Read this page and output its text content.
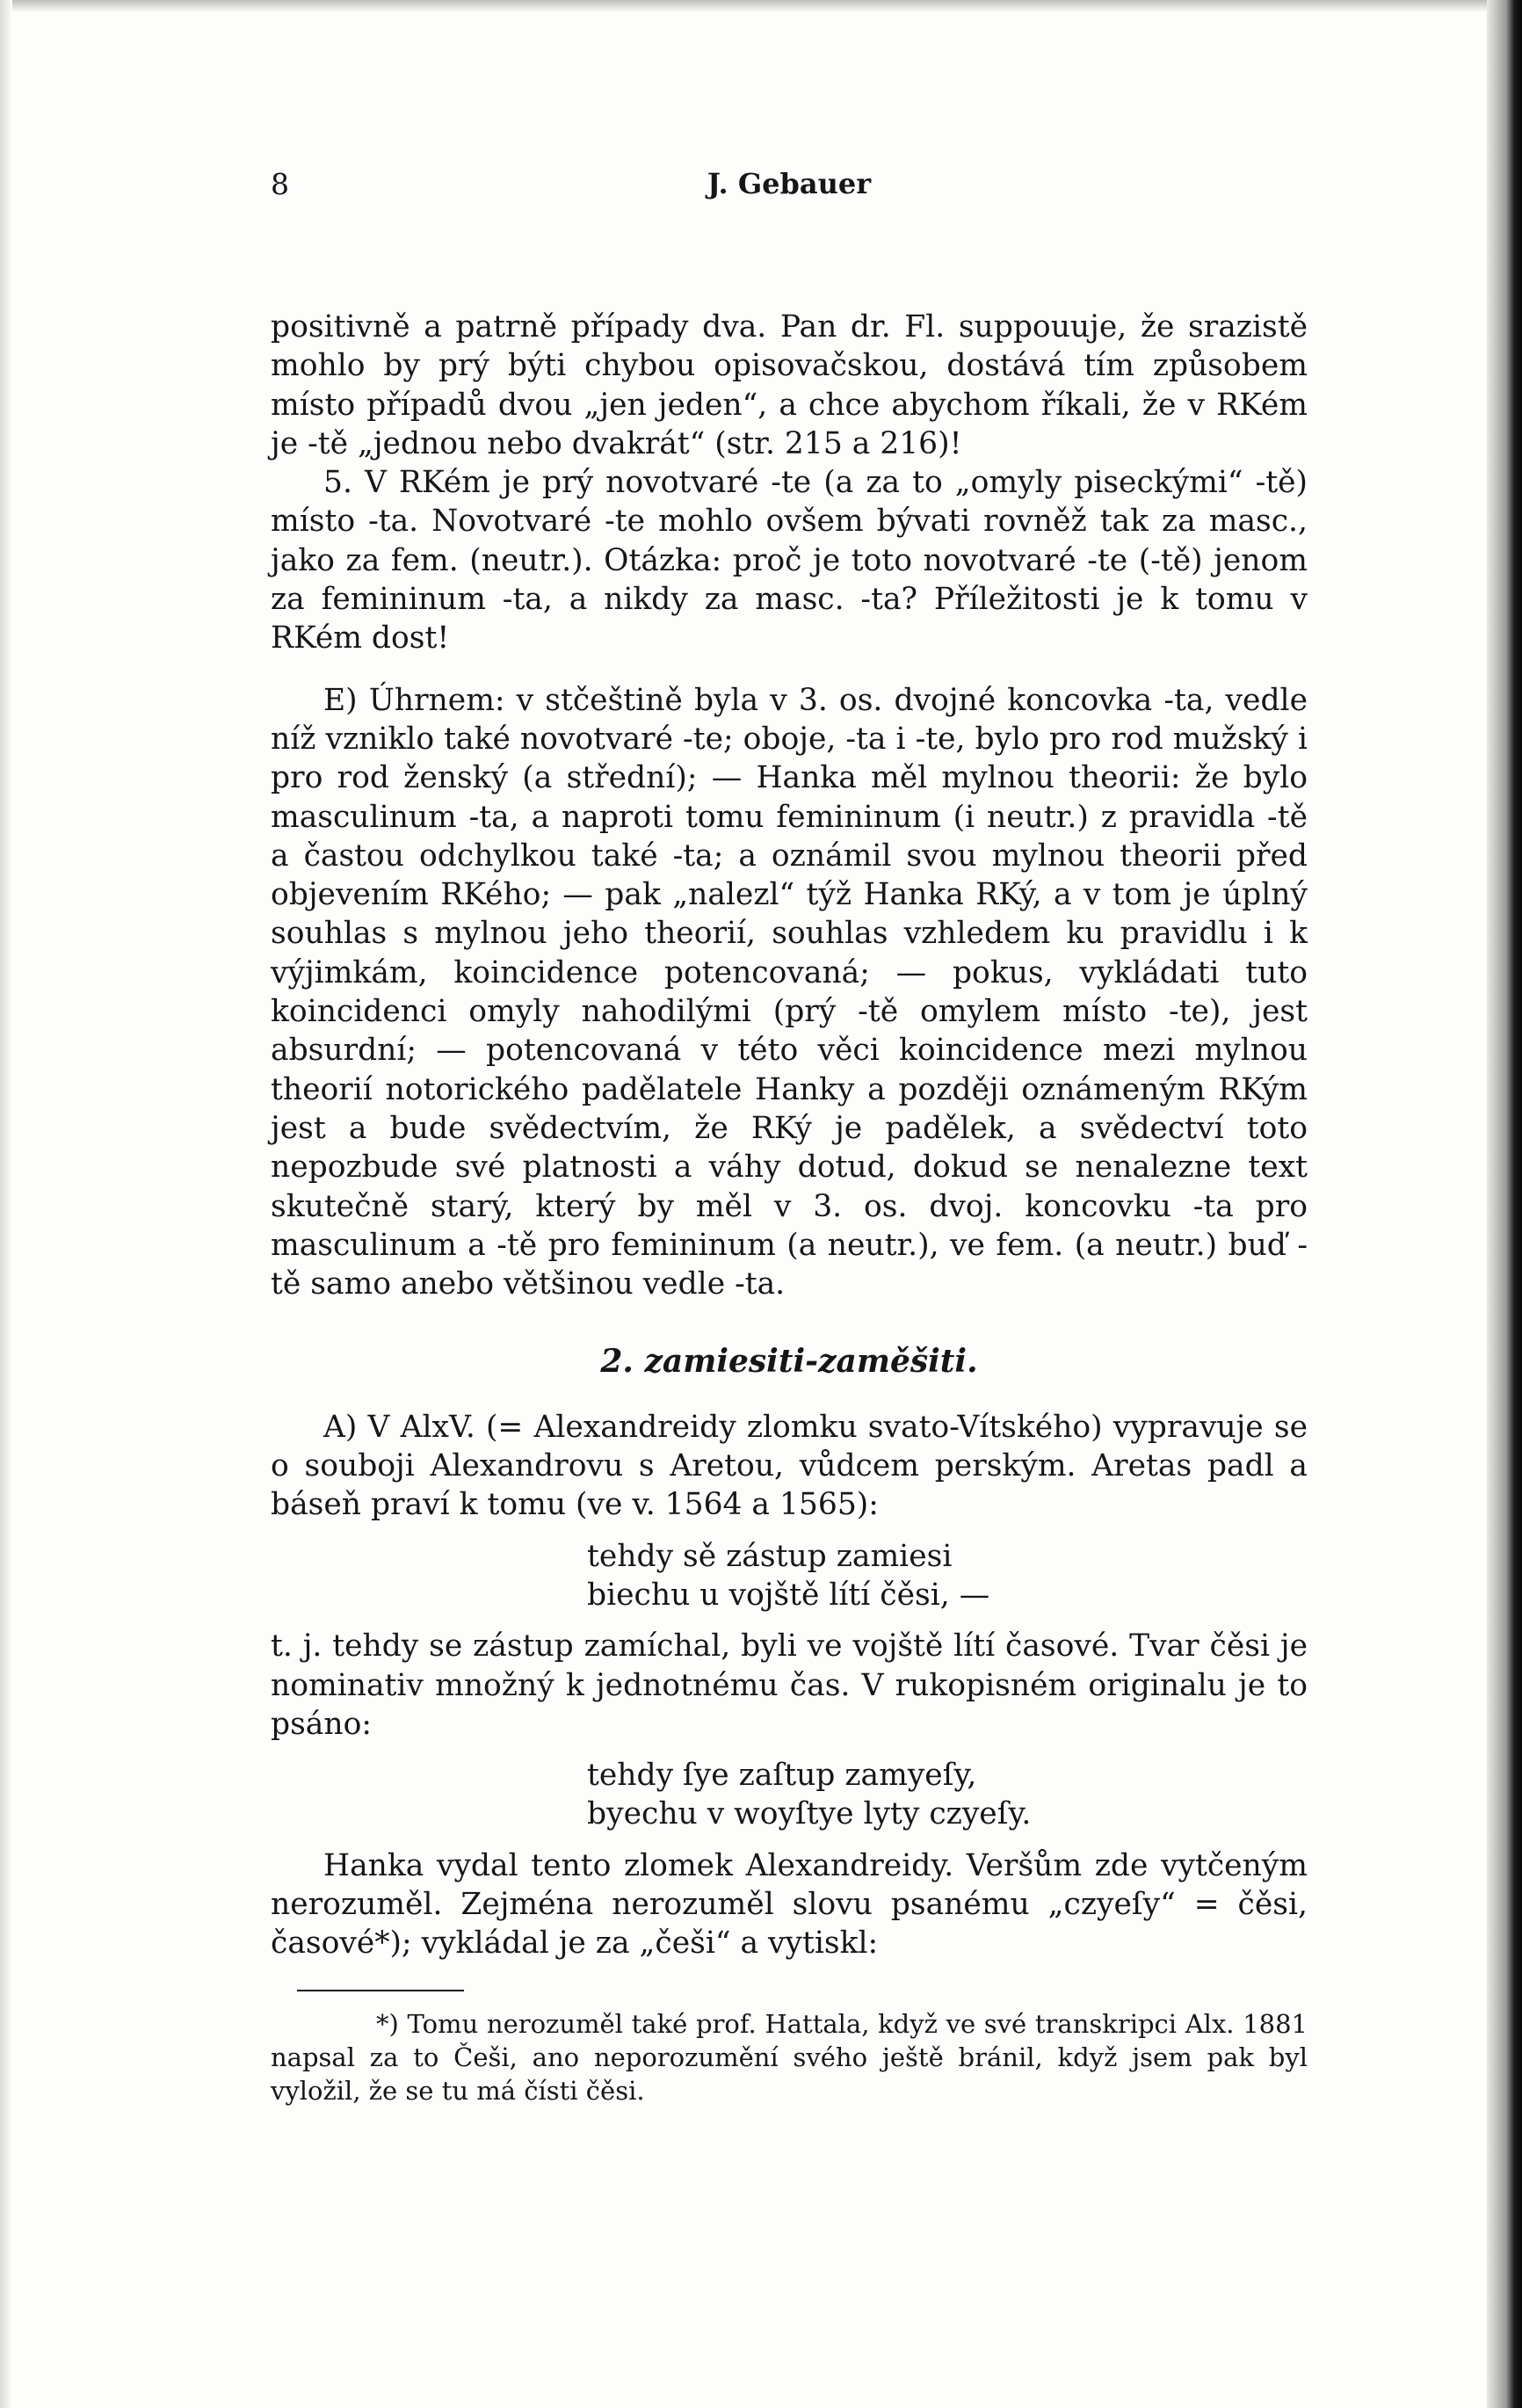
8	J. Gebauer

positivně a patrně případy dva. Pan dr. Fl. suppouuje, že srazistě mohlo by prý býti chybou opisovačskou, dostává tím způsobem místo případů dvou „jen jeden“, a chce abychom říkali, že v RKém je -tě „jednou nebo dvakrát“ (str. 215 a 216)!

5. V RKém je prý novotvaré -te (a za to „omyly piseckými“ -tě) místo -ta. Novotvaré -te mohlo ovšem bývati rovněž tak za masc., jako za fem. (neutr.). Otázka: proč je toto novotvaré -te (-tě) jenom za femininum -ta, a nikdy za masc. -ta? Příležitosti je k tomu v RKém dost!

E) Úhrnem: v stčeštině byla v 3. os. dvojné koncovka -ta, vedle níž vzniklo také novotvaré -te; oboje, -ta i -te, bylo pro rod mužský i pro rod ženský (a střední); — Hanka měl mylnou theorii: že bylo masculinum -ta, a naproti tomu femininum (i neutr.) z pravidla -tě a častou odchylkou také -ta; a oznámil svou mylnou theorii před objevením RKého; — pak „nalezl“ týž Hanka RKý, a v tom je úplný souhlas s mylnou jeho theorií, souhlas vzhledem ku pravidlu i k výjimkám, koincidence potencovaná; — pokus, vykládati tuto koincidenci omyly nahodilými (prý -tě omylem místo -te), jest absurdní; — potencovaná v této věci koincidence mezi mylnou theorií notorického padělatele Hanky a později oznámeným RKým jest a bude svědectvím, že RKý je padělek, a svědectví toto nepozbude své platnosti a váhy dotud, dokud se nenalezne text skutečně starý, který by měl v 3. os. dvoj. koncovku -ta pro masculinum a -tě pro femininum (a neutr.), ve fem. (a neutr.) buď -tě samo anebo většinou vedle -ta.

2. zamiesiti-zaměšiti.

A) V AlxV. (= Alexandreidy zlomku svato-Vítského) vypravuje se o souboji Alexandrovu s Aretou, vůdcem perským. Aretas padl a báseň praví k tomu (ve v. 1564 a 1565):

tehdy sě zástup zamiesi
biechu u vojště lítí čěsi, —

t. j. tehdy se zástup zamíchal, byli ve vojště lítí časové. Tvar čěsi je nominativ množný k jednotnému čas. V rukopisném originalu je to psáno:

tehdy ſye zaſtup zamyeſy,
byechu v woyſtye lyty czyeſy.

Hanka vydal tento zlomek Alexandreidy. Veršům zde vytčeným nerozuměl. Zejména nerozuměl slovu psanému „czyeſy“ = čěsi, časové*); vykládal je za „češi“ a vytiskl:

*) Tomu nerozuměl také prof. Hattala, když ve své transkripci Alx. 1881 napsal za to Češi, ano neporozumění svého ještě bránil, když jsem pak byl vyložil, že se tu má čísti čěsi.
